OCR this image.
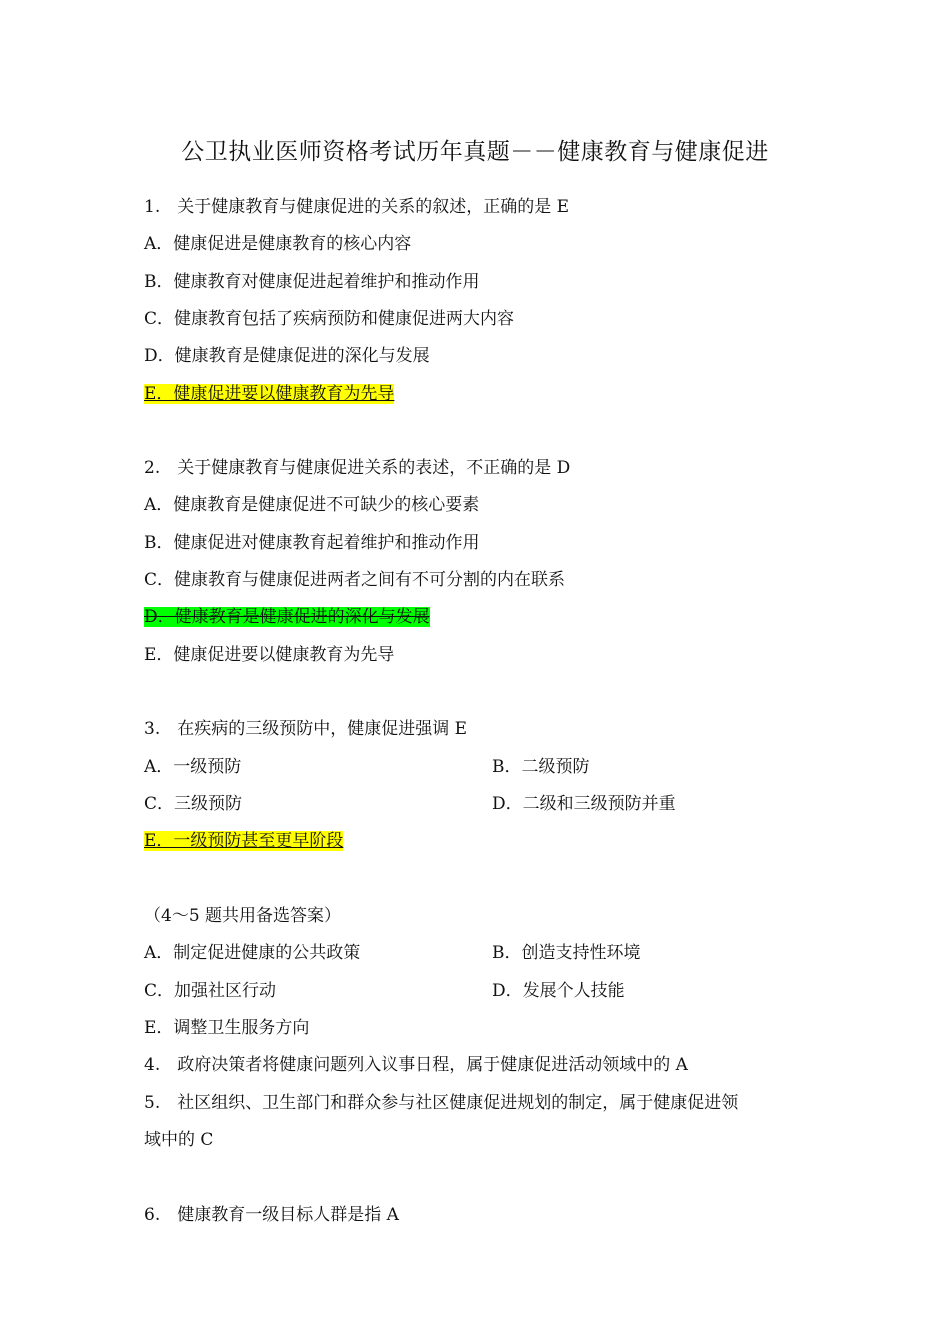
公卫执业医师资格考试历年真题－－健康教育与健康促进
1.　关于健康教育与健康促进的关系的叙述，正确的是 E
A．健康促进是健康教育的核心内容
B．健康教育对健康促进起着维护和推动作用
C．健康教育包括了疾病预防和健康促进两大内容
D．健康教育是健康促进的深化与发展
E．健康促进要以健康教育为先导
2.　关于健康教育与健康促进关系的表述，不正确的是 D
A．健康教育是健康促进不可缺少的核心要素
B．健康促进对健康教育起着维护和推动作用
C．健康教育与健康促进两者之间有不可分割的内在联系
D．健康教育是健康促进的深化与发展
E．健康促进要以健康教育为先导
3.　在疾病的三级预防中，健康促进强调 E
A．一级预防	B．二级预防
C．三级预防	D．二级和三级预防并重
E．一级预防甚至更早阶段
（4～5 题共用备选答案）
A．制定促进健康的公共政策	B．创造支持性环境
C．加强社区行动	D．发展个人技能
E．调整卫生服务方向
4.　政府决策者将健康问题列入议事日程，属于健康促进活动领域中的 A
5.　社区组织、卫生部门和群众参与社区健康促进规划的制定，属于健康促进领
域中的 C
6.　健康教育一级目标人群是指 A
